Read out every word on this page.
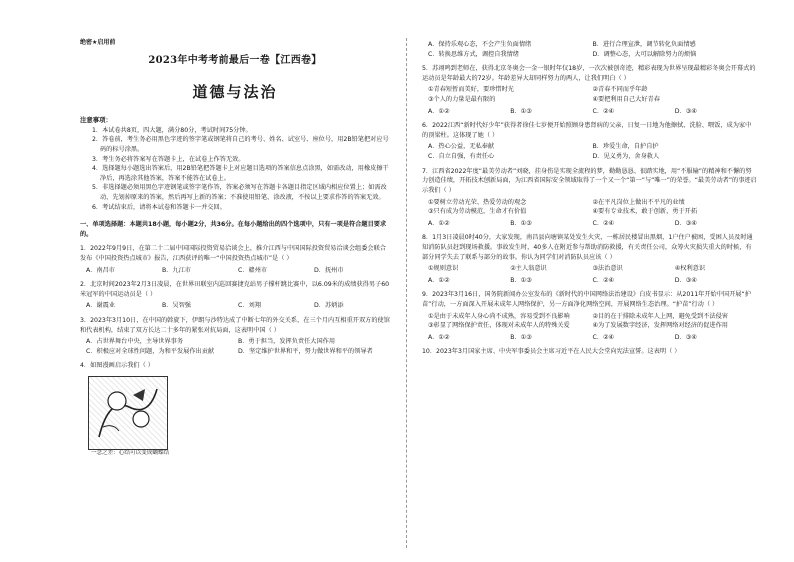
绝密★启用前
2023年中考考前最后一卷【江西卷】
道德与法治
注意事项：

1．本试卷共8页，四大题，满分80分，考试时间75分钟。

2．答卷前，考生务必用黑色字迹的签字笔或钢笔将自己的考号、姓名、试室号、座位号，用2B铅笔把对应号码的标号涂黑。

3．考生务必将答案写在答题卡上，在试卷上作答无效。

4．选择题每小题选出答案后，用2B铅笔把答题卡上对应题目选项的答案信息点涂黑，如需改动，用橡皮擦干净后，再选涂其他答案，答案不能答在试卷上。

5．非选择题必须用黑色字迹钢笔或签字笔作答，答案必须写在答题卡各题目指定区域内相应位置上；如需改动，先划掉原来的答案，然后再写上新的答案；不准使用铅笔、涂改液，不按以上要求作答的答案无效。

6．考试结束后，请将本试卷和答题卡一并交回。

一、单项选择题：本题共18小题，每小题2分，共36分。在每小题给出的四个选项中，只有一项是符合题目要求的。

1．2022年9月9日，在第二十二届中国国际投资贸易洽谈会上，推介江西与中国国际投资贸易洽谈会组委会联合发布《中国投资热点城市》报告，江西获评的唯一“中国投资热点城市”是（ ）

A．南昌市	B．九江市	C．赣州市	D．抚州市

2．北京时间2023年2月3日凌晨，在世界田联室内巡回赛捷克站男子撑杆跳比赛中，以6.09米的成绩获得男子60米冠军的中国运动员是（ ）

A．谢震业	B．吴智强	C．刘翔	D．苏炳添

3．2023年3月10日，在中国的斡旋下，伊朗与沙特达成了中断七年的外交关系，在三个月内互相重开双方的使馆和代表机构，结束了双方长达二十多年的紧张对抗局面，这表明中国（ ）

A．占世界舞台中央，主导世界事务	B．勇于担当，发挥负责任大国作用
C．积极应对全球性问题，为和平发展作出贡献	D．坚定维护世界和平，努力做世界和平的领导者

4．如图漫画启示我们（ ）

一念之差：心结可以变成蝴蝶结
A．保持乐观心态，不会产生负面情绪	B．进行合理宣泄，调节转化负面情感
C．转换思维方式，调控自我情绪	D．调整心态，大可以解除努力的烦恼

5．苏翊鸣到老师在，获得北京冬奥会一金一银时年仅18岁，一次次被创奇迹，精彩表现为世界呈现最精彩冬奥会开幕式的运动员是年龄最大的72岁。年龄差异大却同样努力的两人，让我们明白（ ）

①青春短暂而美好，要珍惜时光	②青春不同而乎年龄
③个人的力量是最有限的	④要把利用自己大好青春
A．①②	B．①③	C．②④	D．③④

6．2022江西“新时代好少年”获得者徐佳七岁便开始照顾身患肾病的父亲，日复一日地为他擦拭、洗脸、喂饭，成为家中的顶梁柱。这体现了她（ ）

A．热心公益，无私奉献	B．珍爱生命，自护自护
C．自立自强，有责任心	D．见义勇为，舍身救人

7．江西省2022年度“最美劳动者”刘晓，挂身伤是实现全流程的梦，勤勤恳恳、很踏实地，用“不服输”的精神和不懈的努力创造佳绩，开拓技术刨新局面，为江西省国际安全领域取得了一个又一个“第一”与“唯一”的荣誉。“最美劳动者”的事迹启示我们（ ）

①要树立劳动光荣、热爱劳动的观念	②在平凡岗位上做出不平凡的业绩
③只有成为劳动模范，生命才有价值	④要有专业技术，敢于创新，勇于开拓
A．①②	B．①③	C．②④	D．③④

8．1月3日凌晨0时40分，大家发现，南昌县向塘镇某处发生火灾，一栋居民楼冒出黑烟，1户住户被困，受困人员及时通知消防队员赶到现场救援。事故发生时，40多人在附近参与帮助消防救援，有关责任公司，众筹火灾损失重大的时候，有部分同学失去了联系与部分的故事。你认为同学们对消防队员应该（ ）

①规则意识	②主人翁意识	③法治意识	④权利意识
A．①②	B．①③	C．②④	D．③④

9．2023年3月16日，国务院新闻办公室发布的《新时代的中国网络法治建设》白皮书显示：从2011年开始中国开展“护苗”行动，一方面深入开展未成年人网络保护，另一方面净化网络空间，开展网络生态治理。“护苗”行动（ ）

①是由于未成年人身心尚不成熟，容易受到不良影响	②目的在于排除未成年人上网，避免受到不法侵害
③彰显了网络保护责任，体现对未成年人的特殊关爱	④为了发展数字经济，发挥网络对经济的促进作用
A．①②	B．①③	C．②④	D．③④

10．2023年3月国家主席、中央军事委员会主席习近平在人民大会堂向宪法宣誓。这表明（ ）
